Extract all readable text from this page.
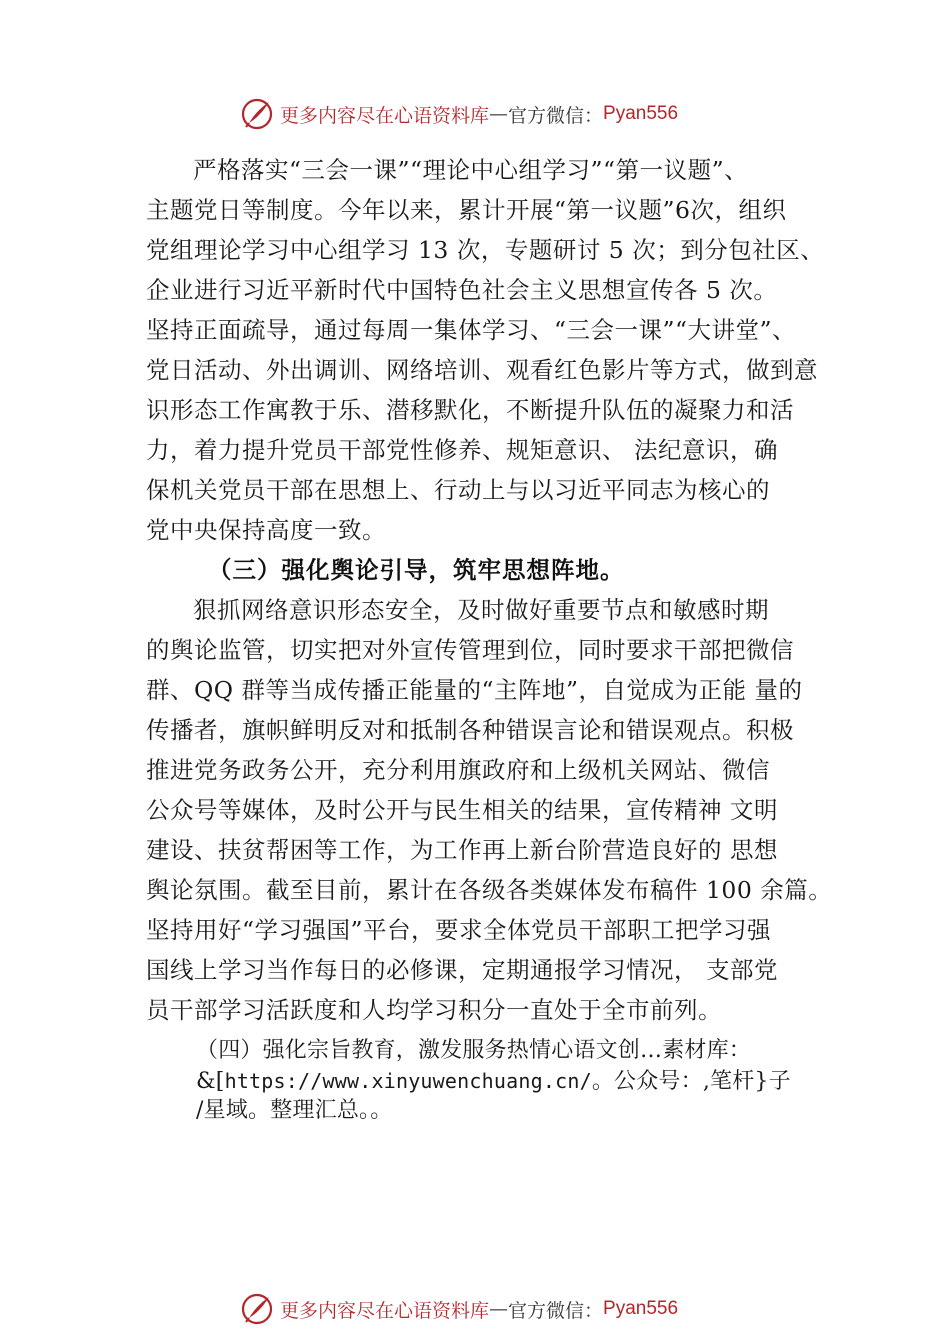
更多内容尽在心语资料库 — 官方微信： Pyan556
严格落实“三会一课”“理论中心组学习”“第一议题”、
主题党日等制度。今年以来，累计开展“第一议题”6次，组织
党组理论学习中心组学习 13 次，专题研讨 5 次；到分包社区、
企业进行习近平新时代中国特色社会主义思想宣传各 5 次。
坚持正面疏导，通过每周一集体学习、“三会一课”“大讲堂”、
党日活动、外出调训、网络培训、观看红色影片等方式，做到意
识形态工作寓教于乐、潜移默化，不断提升队伍的凝聚力和活
力，着力提升党员干部党性修养、规矩意识、 法纪意识，确
保机关党员干部在思想上、行动上与以习近平同志为核心的
党中央保持高度一致。

（三）强化舆论引导，筑牢思想阵地。

狠抓网络意识形态安全，及时做好重要节点和敏感时期
的舆论监管，切实把对外宣传管理到位，同时要求干部把微信
群、QQ 群等当成传播正能量的“主阵地”，自觉成为正能 量的
传播者，旗帜鲜明反对和抵制各种错误言论和错误观点。积极
推进党务政务公开，充分利用旗政府和上级机关网站、微信
公众号等媒体，及时公开与民生相关的结果，宣传精神 文明
建设、扶贫帮困等工作，为工作再上新台阶营造良好的 思想
舆论氛围。截至目前，累计在各级各类媒体发布稿件 100 余篇。
坚持用好“学习强国”平台，要求全体党员干部职工把学习强
国线上学习当作每日的必修课，定期通报学习情况， 支部党
员干部学习活跃度和人均学习积分一直处于全市前列。
（四）强化宗旨教育，激发服务热情心语文创…素材库：
&[https://www.xinyuwenchuang.cn/。公众号：,笔杆}子
/星域。整理汇总。。
更多内容尽在心语资料库 — 官方微信： Pyan556
